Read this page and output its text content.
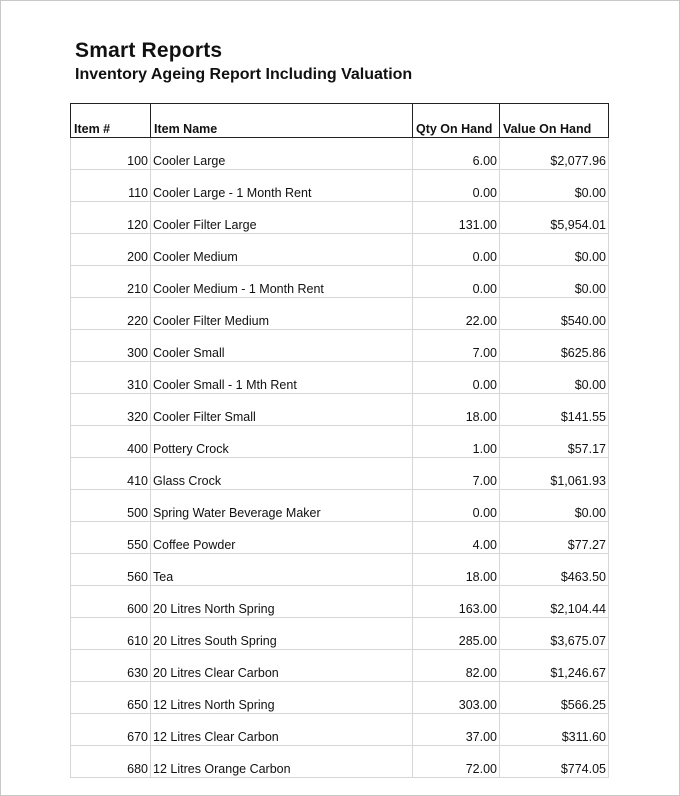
Smart Reports
Inventory Ageing Report Including Valuation
Item #	Item Name	Qty On Hand	Value On Hand
100	Cooler Large	6.00	$2,077.96
110	Cooler Large - 1 Month Rent	0.00	$0.00
120	Cooler Filter Large	131.00	$5,954.01
200	Cooler Medium	0.00	$0.00
210	Cooler Medium - 1 Month Rent	0.00	$0.00
220	Cooler Filter Medium	22.00	$540.00
300	Cooler Small	7.00	$625.86
310	Cooler Small - 1 Mth Rent	0.00	$0.00
320	Cooler Filter Small	18.00	$141.55
400	Pottery Crock	1.00	$57.17
410	Glass Crock	7.00	$1,061.93
500	Spring Water Beverage Maker	0.00	$0.00
550	Coffee Powder	4.00	$77.27
560	Tea	18.00	$463.50
600	20 Litres North Spring	163.00	$2,104.44
610	20 Litres South Spring	285.00	$3,675.07
630	20 Litres Clear Carbon	82.00	$1,246.67
650	12 Litres North Spring	303.00	$566.25
670	12 Litres Clear Carbon	37.00	$311.60
680	12 Litres Orange Carbon	72.00	$774.05
